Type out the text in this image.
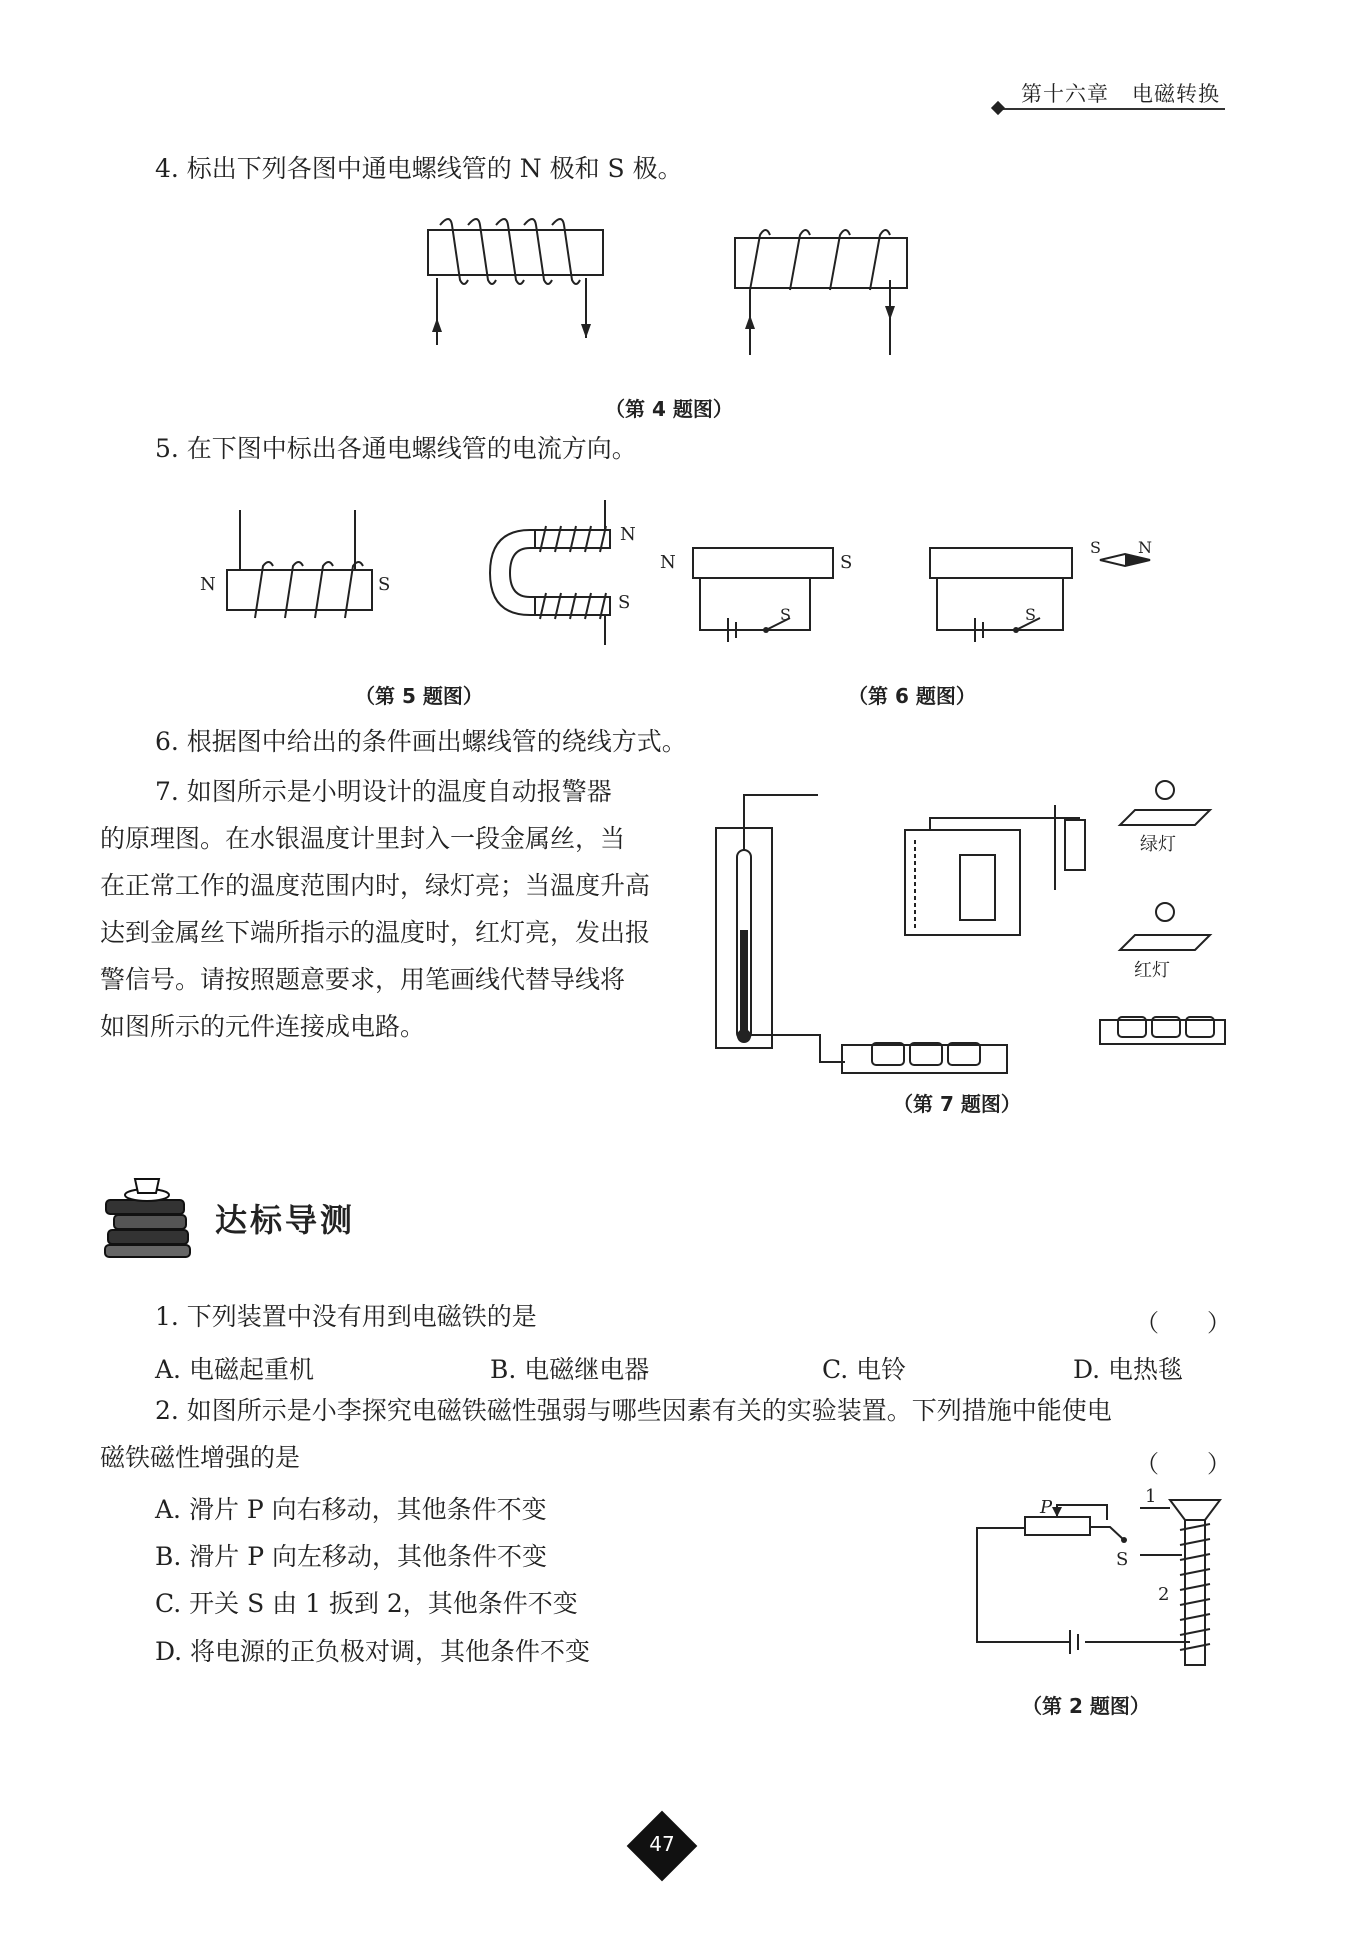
第十六章 电磁转换
4. 标出下列各图中通电螺线管的 N 极和 S 极。
（第 4 题图）
5. 在下图中标出各通电螺线管的电流方向。
N	S
N
S
N	S
S	S
S N
（第 5 题图）	（第 6 题图）
6. 根据图中给出的条件画出螺线管的绕线方式。
7. 如图所示是小明设计的温度自动报警器
的原理图。在水银温度计里封入一段金属丝，当
在正常工作的温度范围内时，绿灯亮；当温度升高
达到金属丝下端所指示的温度时，红灯亮，发出报
警信号。请按照题意要求，用笔画线代替导线将
如图所示的元件连接成电路。
绿灯
红灯
（第 7 题图）
达标导测
1. 下列装置中没有用到电磁铁的是	（　　）
A. 电磁起重机	B. 电磁继电器	C. 电铃	D. 电热毯
2. 如图所示是小李探究电磁铁磁性强弱与哪些因素有关的实验装置。下列措施中能使电
磁铁磁性增强的是	（　　）
A. 滑片 P 向右移动，其他条件不变
B. 滑片 P 向左移动，其他条件不变
C. 开关 S 由 1 扳到 2，其他条件不变
D. 将电源的正负极对调，其他条件不变
P
1
2
S
（第 2 题图）
47
